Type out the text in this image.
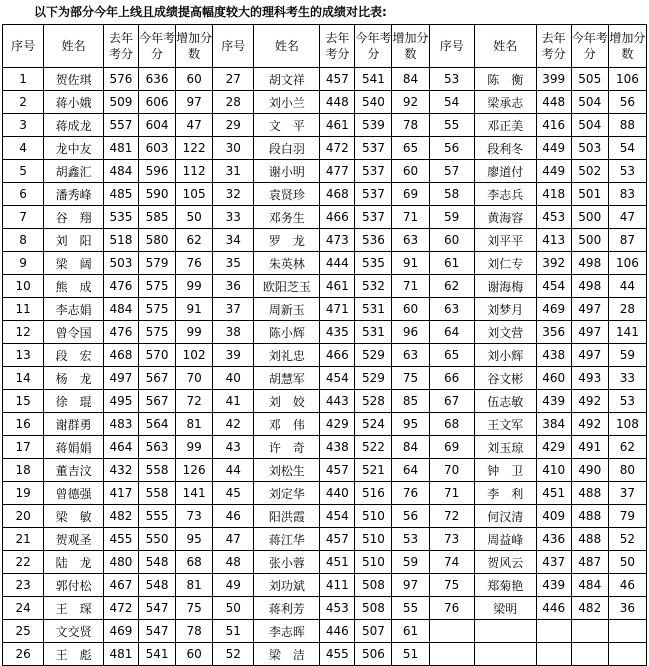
以下为部分今年上线且成绩提高幅度较大的理科考生的成绩对比表:
序号	姓名	去年考分	今年考分	增加分数	序号	姓名	去年考分	今年考分	增加分数	序号	姓名	去年考分	今年考分	增加分数
1	贺佐琪	576	636	60	27	胡文祥	457	541	84	53	陈　衡	399	505	106
2	蒋小娥	509	606	97	28	刘小兰	448	540	92	54	梁承志	448	504	56
3	蒋成龙	557	604	47	29	文　平	461	539	78	55	邓正美	416	504	88
4	龙中友	481	603	122	30	段白羽	472	537	65	56	段利冬	449	503	54
5	胡鑫汇	484	596	112	31	谢小明	477	537	60	57	廖道付	449	502	53
6	潘秀峰	485	590	105	32	袁贤珍	468	537	69	58	李志兵	418	501	83
7	谷　翔	535	585	50	33	邓务生	466	537	71	59	黄海容	453	500	47
8	刘　阳	518	580	62	34	罗　龙	473	536	63	60	刘平平	413	500	87
9	梁　阔	503	579	76	35	朱英林	444	535	91	61	刘仁专	392	498	106
10	熊　成	476	575	99	36	欧阳芝玉	461	532	71	62	谢海梅	454	498	44
11	李志娟	484	575	91	37	周新玉	471	531	60	63	刘梦月	469	497	28
12	曾令国	476	575	99	38	陈小辉	435	531	96	64	刘文营	356	497	141
13	段　宏	468	570	102	39	刘礼忠	466	529	63	65	刘小辉	438	497	59
14	杨　龙	497	567	70	40	胡慧军	454	529	75	66	谷文彬	460	493	33
15	徐　琨	495	567	72	41	刘　姣	443	528	85	67	伍志敏	439	492	53
16	谢群勇	483	564	81	42	邓　伟	429	524	95	68	王文军	384	492	108
17	蒋娟娟	464	563	99	43	许　奇	438	522	84	69	刘玉琼	429	491	62
18	董吉汶	432	558	126	44	刘松生	457	521	64	70	钟　卫	410	490	80
19	曾德强	417	558	141	45	刘定华	440	516	76	71	李　利	451	488	37
20	梁　敏	482	555	73	46	阳洪霞	454	510	56	72	何汉清	409	488	79
21	贺观圣	455	550	95	47	蒋江华	457	510	53	73	周益峰	436	488	52
22	陆　龙	480	548	68	48	张小蓉	451	510	59	74	贺风云	437	487	50
23	郭付松	467	548	81	49	刘功斌	411	508	97	75	郑菊艳	439	484	46
24	王　琛	472	547	75	50	蒋利芳	453	508	55	76	梁明	446	482	36
25	文交贤	469	547	78	51	李志晖	446	507	61					
26	王　彪	481	541	60	52	梁　洁	455	506	51					
